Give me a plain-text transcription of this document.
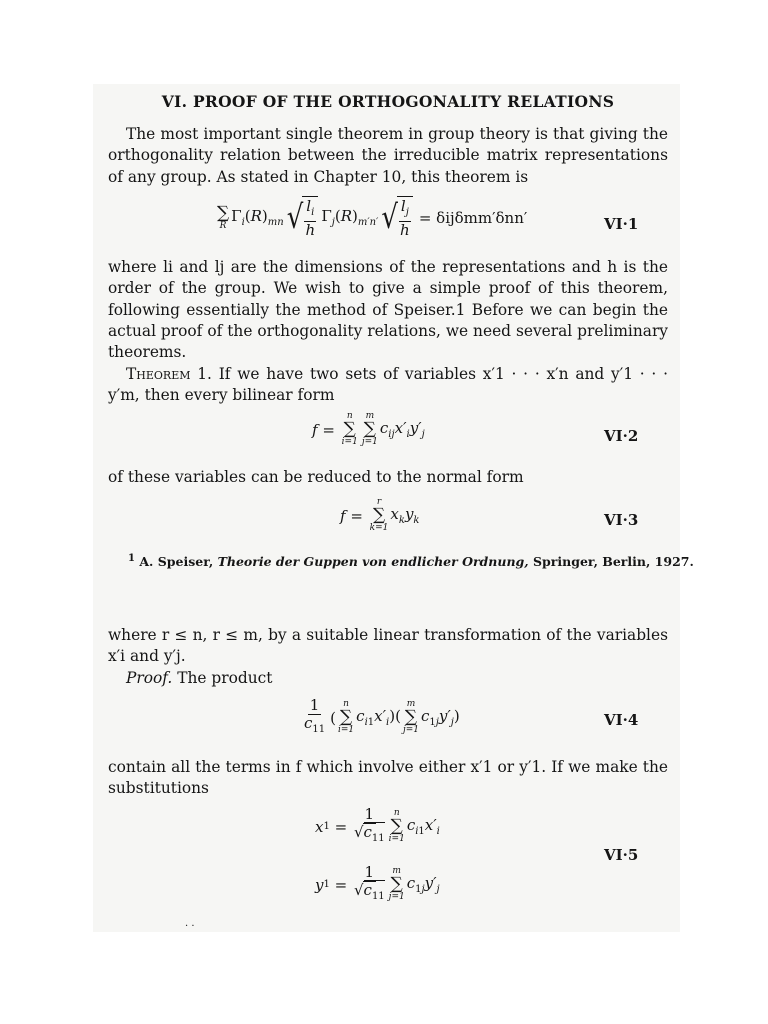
VI. PROOF OF THE ORTHOGONALITY RELATIONS
The most important single theorem in group theory is that giving the orthogonality relation between the irreducible matrix representations of any group. As stated in Chapter 10, this theorem is
∑
R
$\Gamma_i(R)_{mn}$ √ $\frac{l_i}{h} \Gamma_j(R)_{m'n'}$ √ $\frac{l_j}{h} = \delta ij\delta mm'\delta nn'$	VI·1
where li and lj are the dimensions of the representations and h is the order of the group. We wish to give a simple proof of this theorem, following essentially the method of Speiser.1 Before we can begin the actual proof of the orthogonality relations, we need several preliminary theorems.
Theorem 1. If we have two sets of variables x′1 · · · x′n and y′1 · · · y′m, then every bilinear form
f =
n
∑
i=1
m
∑
j=1
$c_{ij}x'_iy'_j$	VI·2
of these variables can be reduced to the normal form
f =
r
∑
k=1
$x_ky_k$	VI·3
$^1$ A. Speiser, Theorie der Guppen von endlicher Ordnung, Springer, Berlin, 1927.
where r ≤ n, r ≤ m, by a suitable linear transformation of the variables x′i and y′j.
Proof. The product
$\frac{1}{c_{11}}$ (
n
∑
i=1
$c_{i1}x'_i$)(
m
∑
j=1
$c_{1j}y'_j$)	VI·4
contain all the terms in f which involve either x′1 or y′1. If we make the substitutions
x $1 = \frac{1}{√c_{11}}$ n
∑
i=1
$c_{i1}x'_i$
y $1 = \frac{1}{√c_{11}}$ m
∑
j=1
$c_{1j}y'_j$
VI·5
· ·
